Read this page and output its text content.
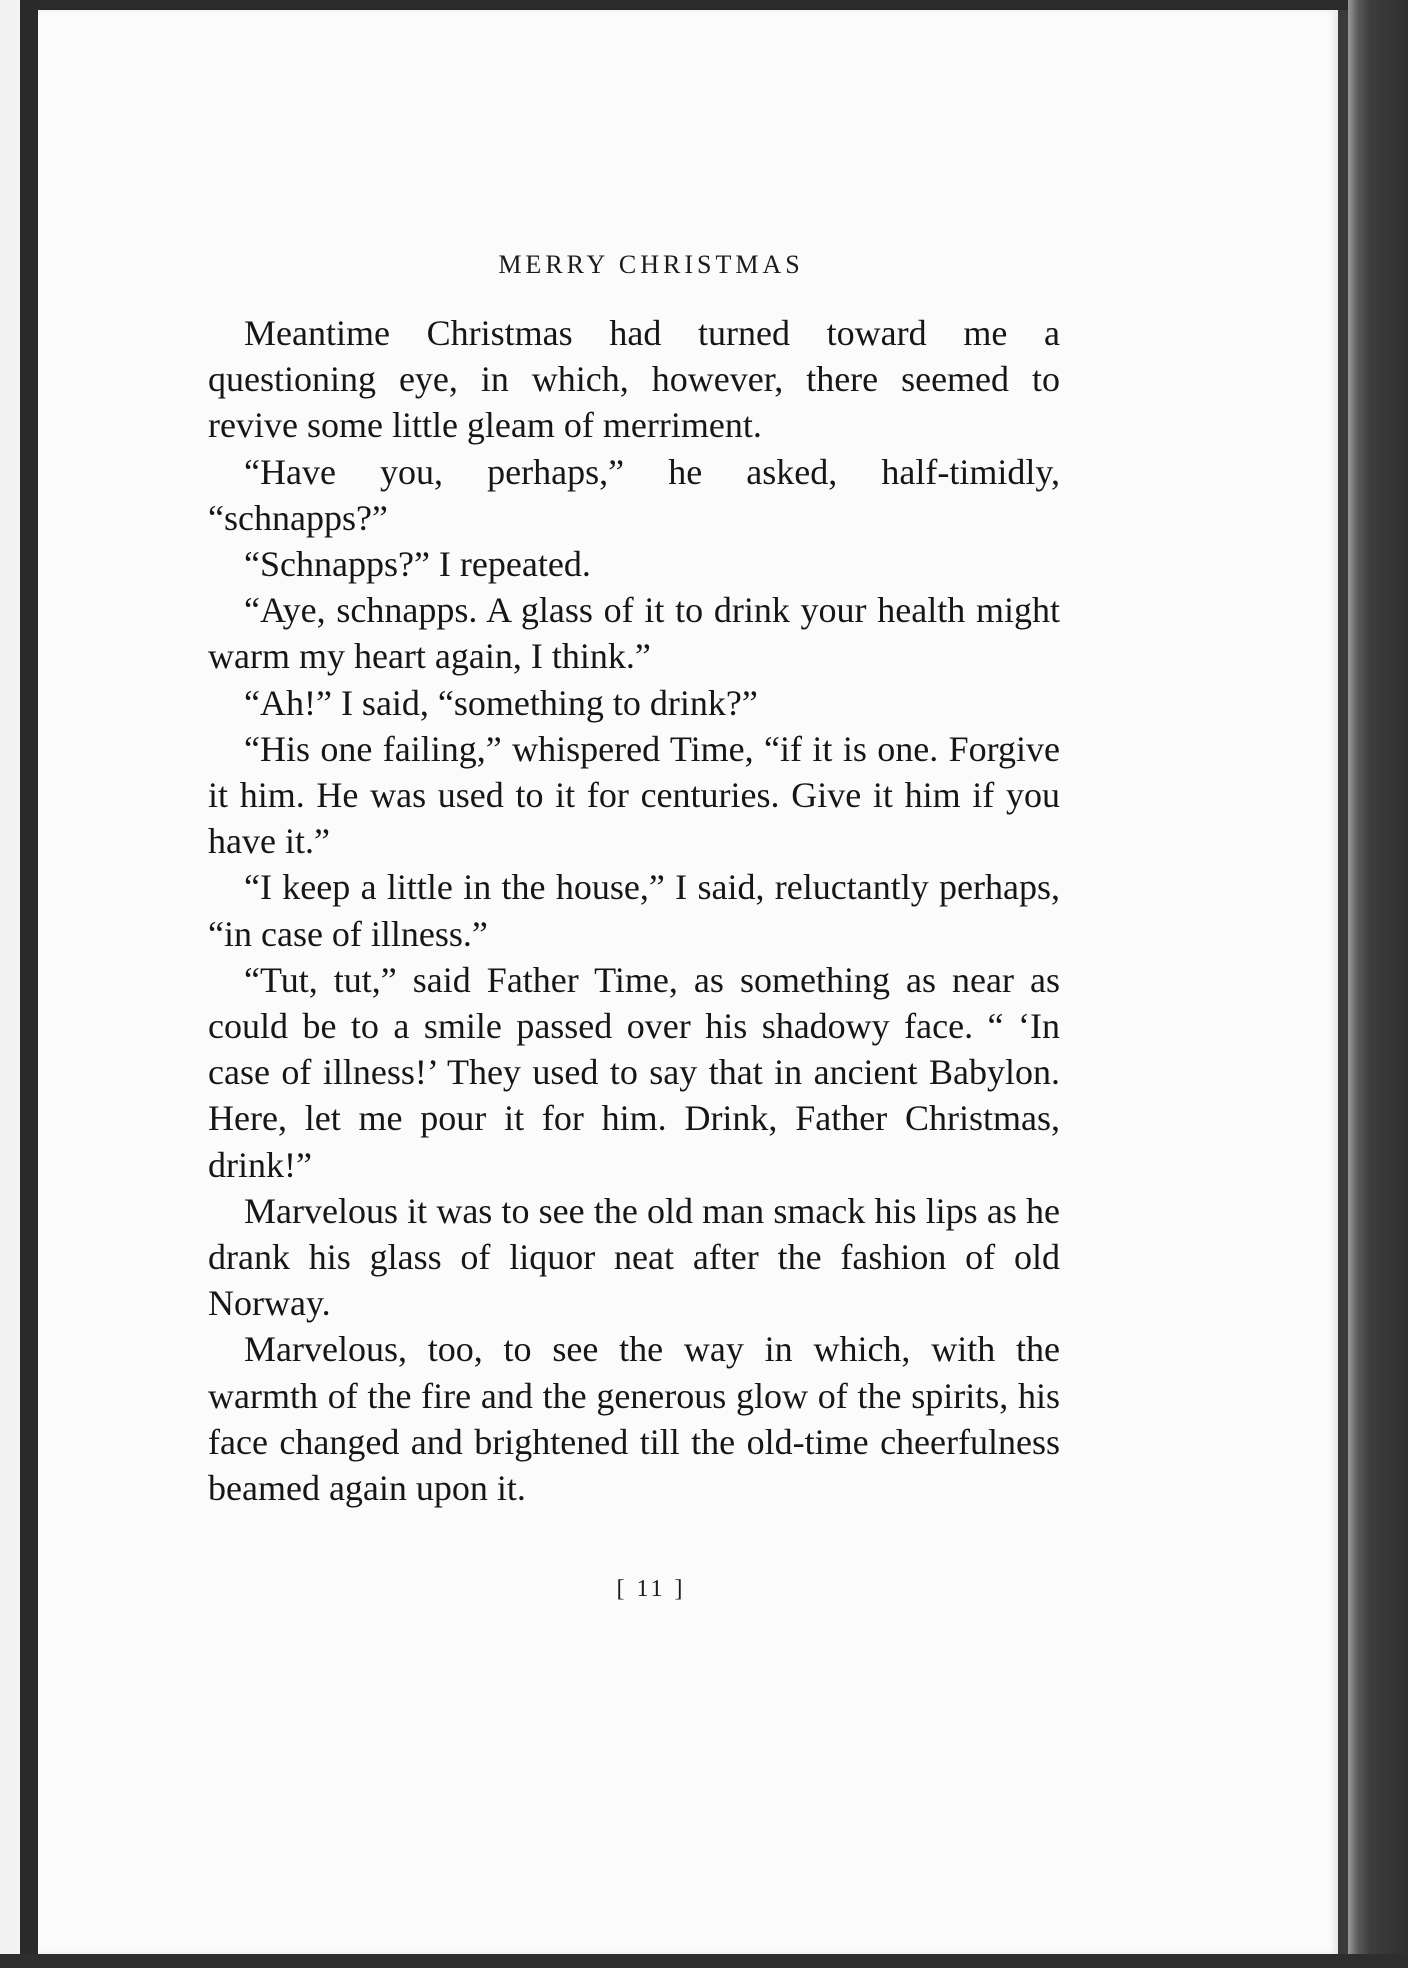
MERRY CHRISTMAS

Meantime Christmas had turned toward me a questioning eye, in which, however, there seemed to revive some little gleam of merriment.

“Have you, perhaps,” he asked, half-timidly, “schnapps?”

“Schnapps?” I repeated.

“Aye, schnapps. A glass of it to drink your health might warm my heart again, I think.”

“Ah!” I said, “something to drink?”

“His one failing,” whispered Time, “if it is one. Forgive it him. He was used to it for centuries. Give it him if you have it.”

“I keep a little in the house,” I said, reluctantly perhaps, “in case of illness.”

“Tut, tut,” said Father Time, as something as near as could be to a smile passed over his shadowy face. “ ‘In case of illness!’ They used to say that in ancient Babylon. Here, let me pour it for him. Drink, Father Christmas, drink!”

Marvelous it was to see the old man smack his lips as he drank his glass of liquor neat after the fashion of old Norway.

Marvelous, too, to see the way in which, with the warmth of the fire and the generous glow of the spirits, his face changed and brightened till the old-time cheerfulness beamed again upon it.

[ 11 ]
